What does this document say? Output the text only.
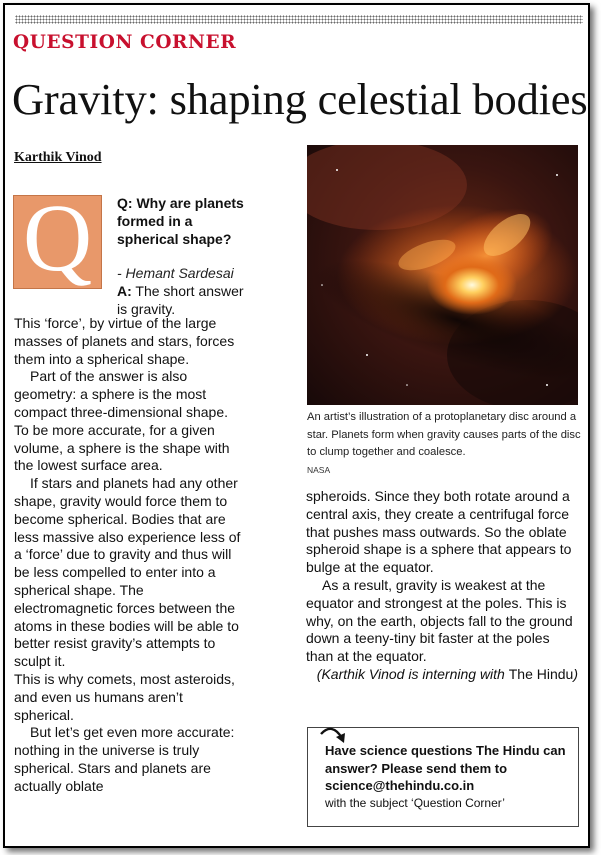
QUESTION CORNER
Gravity: shaping celestial bodies
Karthik Vinod
Q	Q: Why are planets formed in a spherical shape?
- Hemant Sardesai
A: The short answer is gravity.

This ‘force’, by virtue of the large masses of planets and stars, forces them into a spherical shape.

Part of the answer is also geometry: a sphere is the most compact three-dimensional shape. To be more accurate, for a given volume, a sphere is the shape with the lowest surface area.

If stars and planets had any other shape, gravity would force them to become spherical. Bodies that are less massive also experience less of a ‘force’ due to gravity and thus will be less compelled to enter into a spherical shape. The electromagnetic forces between the atoms in these bodies will be able to better resist gravity’s attempts to sculpt it.

This is why comets, most asteroids, and even us humans aren’t spherical.

But let’s get even more accurate: nothing in the universe is truly spherical. Stars and planets are actually oblate

An artist’s illustration of a protoplanetary disc around a star. Planets form when gravity causes parts of the disc to clump together and coalesce.
NASA

spheroids. Since they both rotate around a central axis, they create a centrifugal force that pushes mass outwards. So the oblate spheroid shape is a sphere that appears to bulge at the equator.

As a result, gravity is weakest at the equator and strongest at the poles. This is why, on the earth, objects fall to the ground down a teeny-tiny bit faster at the poles than at the equator.

(Karthik Vinod is interning with The Hindu)

Have science questions The Hindu can answer? Please send them to science@thehindu.co.in
with the subject ‘Question Corner’
